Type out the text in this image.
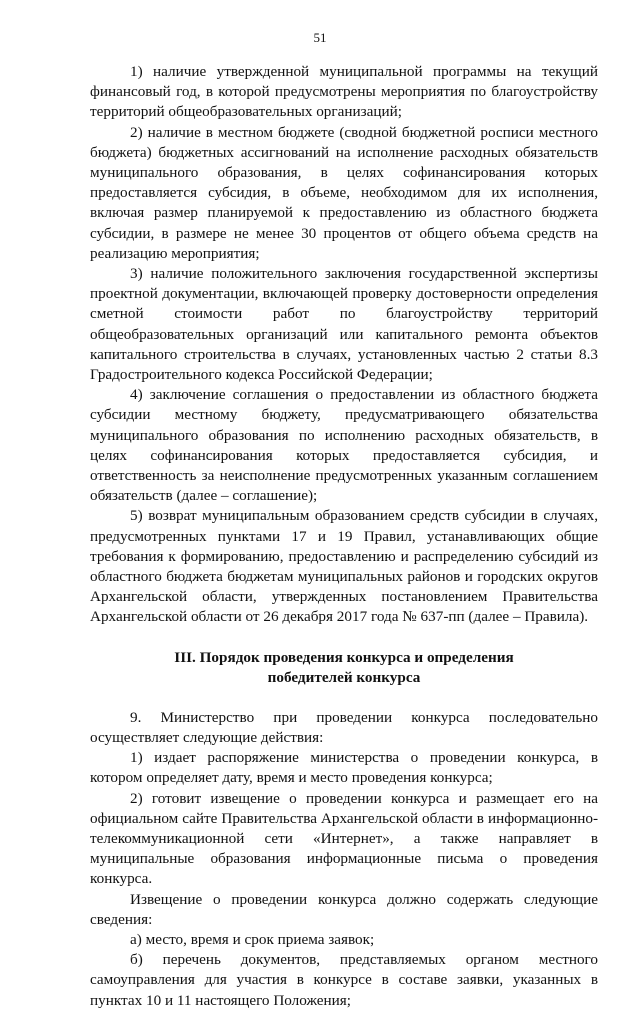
51

1) наличие утвержденной муниципальной программы на текущий финансовый год, в которой предусмотрены мероприятия по благоустройству территорий общеобразовательных организаций;

2) наличие в местном бюджете (сводной бюджетной росписи местного бюджета) бюджетных ассигнований на исполнение расходных обязательств муниципального образования, в целях софинансирования которых предоставляется субсидия, в объеме, необходимом для их исполнения, включая размер планируемой к предоставлению из областного бюджета субсидии, в размере не менее 30 процентов от общего объема средств на реализацию мероприятия;

3) наличие положительного заключения государственной экспертизы проектной документации, включающей проверку достоверности определения сметной стоимости работ по благоустройству территорий общеобразовательных организаций или капитального ремонта объектов капитального строительства в случаях, установленных частью 2 статьи 8.3 Градостроительного кодекса Российской Федерации;

4) заключение соглашения о предоставлении из областного бюджета субсидии местному бюджету, предусматривающего обязательства муниципального образования по исполнению расходных обязательств, в целях софинансирования которых предоставляется субсидия, и ответственность за неисполнение предусмотренных указанным соглашением обязательств (далее – соглашение);

5) возврат муниципальным образованием средств субсидии в случаях, предусмотренных пунктами 17 и 19 Правил, устанавливающих общие требования к формированию, предоставлению и распределению субсидий из областного бюджета бюджетам муниципальных районов и городских округов Архангельской области, утвержденных постановлением Правительства Архангельской области от 26 декабря 2017 года № 637-пп (далее – Правила).

III. Порядок проведения конкурса и определения

победителей конкурса

9. Министерство при проведении конкурса последовательно осуществляет следующие действия:

1) издает распоряжение министерства о проведении конкурса, в котором определяет дату, время и место проведения конкурса;

2) готовит извещение о проведении конкурса и размещает его на официальном сайте Правительства Архангельской области в информационно-телекоммуникационной сети «Интернет», а также направляет в муниципальные образования информационные письма о проведения конкурса.

Извещение о проведении конкурса должно содержать следующие сведения:

а) место, время и срок приема заявок;

б) перечень документов, представляемых органом местного самоуправления для участия в конкурсе в составе заявки, указанных в пунктах 10 и 11 настоящего Положения;
